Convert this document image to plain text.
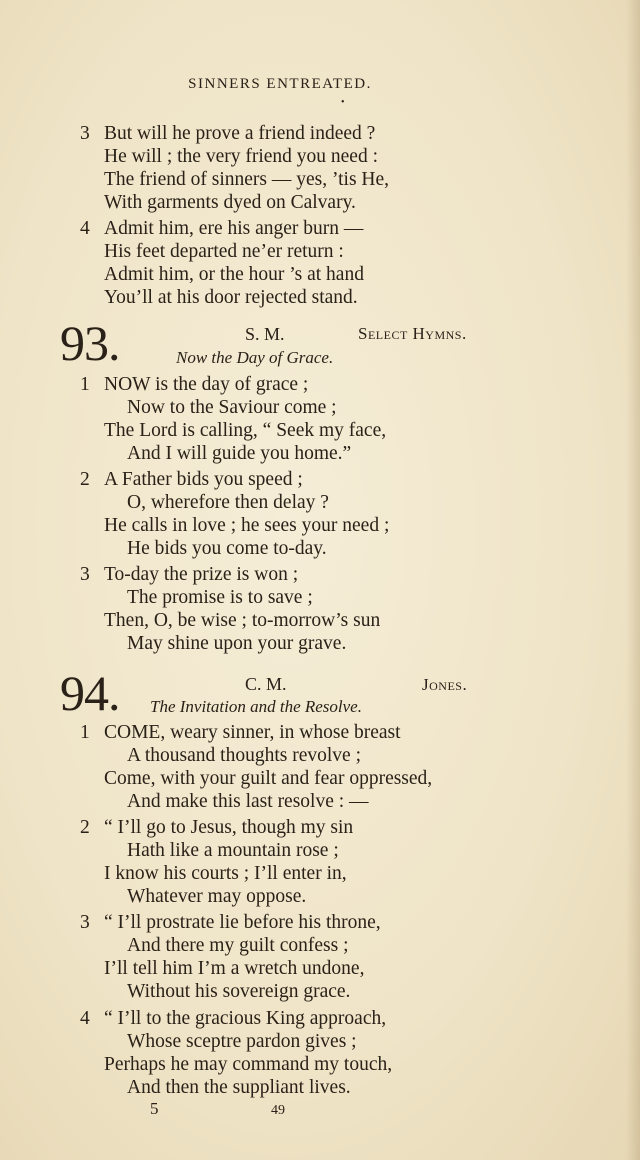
SINNERS ENTREATED.
•
3 But will he prove a friend indeed ?
He will ; the very friend you need :
The friend of sinners — yes, ’tis He,
With garments dyed on Calvary.
4 Admit him, ere his anger burn —
His feet departed ne’er return :
Admit him, or the hour ’s at hand
You’ll at his door rejected stand.
93.	S. M.	Select Hymns.
Now the Day of Grace.
1 NOW is the day of grace ;
Now to the Saviour come ;
The Lord is calling, “ Seek my face,
And I will guide you home.”
2 A Father bids you speed ;
O, wherefore then delay ?
He calls in love ; he sees your need ;
He bids you come to-day.
3 To-day the prize is won ;
The promise is to save ;
Then, O, be wise ; to-morrow’s sun
May shine upon your grave.
94.	C. M.	Jones.
The Invitation and the Resolve.
1 COME, weary sinner, in whose breast
A thousand thoughts revolve ;
Come, with your guilt and fear oppressed,
And make this last resolve : —
2 “ I’ll go to Jesus, though my sin
Hath like a mountain rose ;
I know his courts ; I’ll enter in,
Whatever may oppose.
3 “ I’ll prostrate lie before his throne,
And there my guilt confess ;
I’ll tell him I’m a wretch undone,
Without his sovereign grace.
4 “ I’ll to the gracious King approach,
Whose sceptre pardon gives ;
Perhaps he may command my touch,
And then the suppliant lives.
5	49
